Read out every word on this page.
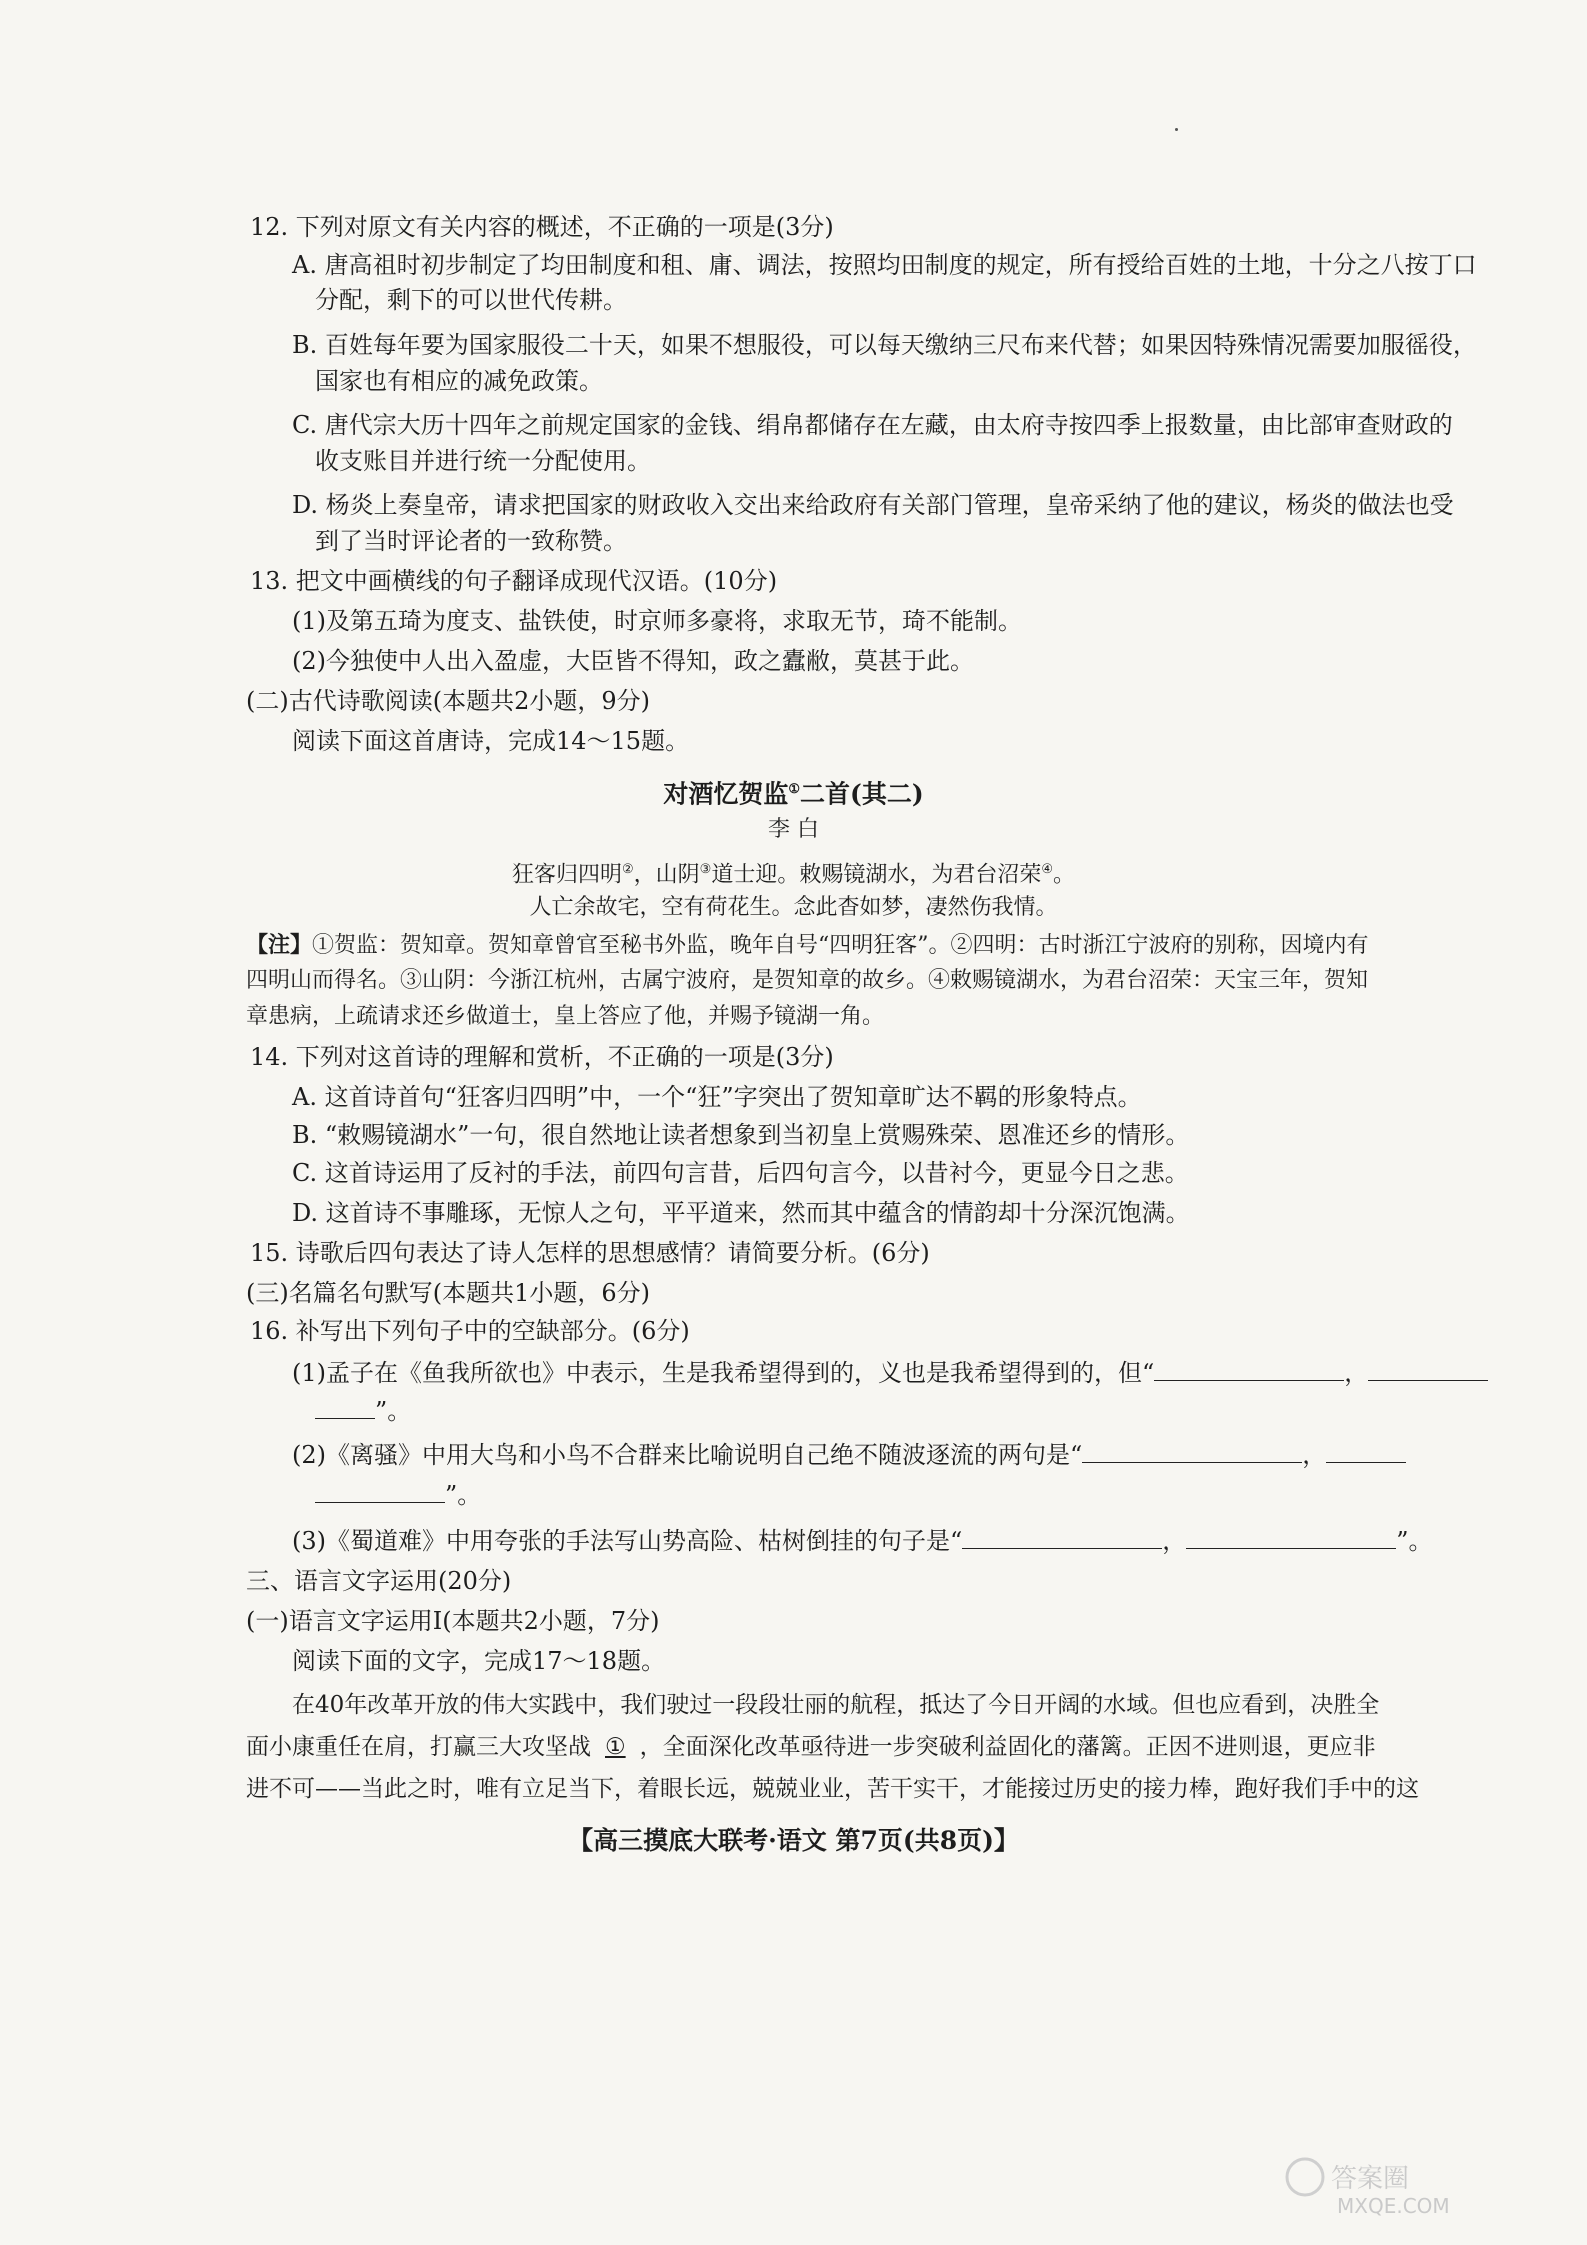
12. 下列对原文有关内容的概述，不正确的一项是(3分)
A. 唐高祖时初步制定了均田制度和租、庸、调法，按照均田制度的规定，所有授给百姓的土地，十分之八按丁口
分配，剩下的可以世代传耕。
B. 百姓每年要为国家服役二十天，如果不想服役，可以每天缴纳三尺布来代替；如果因特殊情况需要加服徭役，
国家也有相应的减免政策。
C. 唐代宗大历十四年之前规定国家的金钱、绢帛都储存在左藏，由太府寺按四季上报数量，由比部审查财政的
收支账目并进行统一分配使用。
D. 杨炎上奏皇帝，请求把国家的财政收入交出来给政府有关部门管理，皇帝采纳了他的建议，杨炎的做法也受
到了当时评论者的一致称赞。
13. 把文中画横线的句子翻译成现代汉语。(10分)
(1)及第五琦为度支、盐铁使，时京师多豪将，求取无节，琦不能制。
(2)今独使中人出入盈虚，大臣皆不得知，政之蠹敝，莫甚于此。
(二)古代诗歌阅读(本题共2小题，9分)
阅读下面这首唐诗，完成14～15题。
对酒忆贺监①二首(其二)
李 白
狂客归四明②，山阴③道士迎。敕赐镜湖水，为君台沼荣④。
人亡余故宅，空有荷花生。念此杳如梦，凄然伤我情。
【注】①贺监：贺知章。贺知章曾官至秘书外监，晚年自号“四明狂客”。②四明：古时浙江宁波府的别称，因境内有
四明山而得名。③山阴：今浙江杭州，古属宁波府，是贺知章的故乡。④敕赐镜湖水，为君台沼荣：天宝三年，贺知
章患病，上疏请求还乡做道士，皇上答应了他，并赐予镜湖一角。
14. 下列对这首诗的理解和赏析，不正确的一项是(3分)
A. 这首诗首句“狂客归四明”中，一个“狂”字突出了贺知章旷达不羁的形象特点。
B. “敕赐镜湖水”一句，很自然地让读者想象到当初皇上赏赐殊荣、恩准还乡的情形。
C. 这首诗运用了反衬的手法，前四句言昔，后四句言今，以昔衬今，更显今日之悲。
D. 这首诗不事雕琢，无惊人之句，平平道来，然而其中蕴含的情韵却十分深沉饱满。
15. 诗歌后四句表达了诗人怎样的思想感情？请简要分析。(6分)
(三)名篇名句默写(本题共1小题，6分)
16. 补写出下列句子中的空缺部分。(6分)
(1)孟子在《鱼我所欲也》中表示，生是我希望得到的，义也是我希望得到的，但“	，
”。
(2)《离骚》中用大鸟和小鸟不合群来比喻说明自己绝不随波逐流的两句是“	，
”。
(3)《蜀道难》中用夸张的手法写山势高险、枯树倒挂的句子是“	，	”。
三、语言文字运用(20分)
(一)语言文字运用Ⅰ(本题共2小题，7分)
阅读下面的文字，完成17～18题。
在40年改革开放的伟大实践中，我们驶过一段段壮丽的航程，抵达了今日开阔的水域。但也应看到，决胜全
面小康重任在肩，打赢三大攻坚战 ① ，全面深化改革亟待进一步突破利益固化的藩篱。正因不进则退，更应非
进不可——当此之时，唯有立足当下，着眼长远，兢兢业业，苦干实干，才能接过历史的接力棒，跑好我们手中的这
【高三摸底大联考·语文 第7页(共8页)】
答案圈
MXQE.COM
